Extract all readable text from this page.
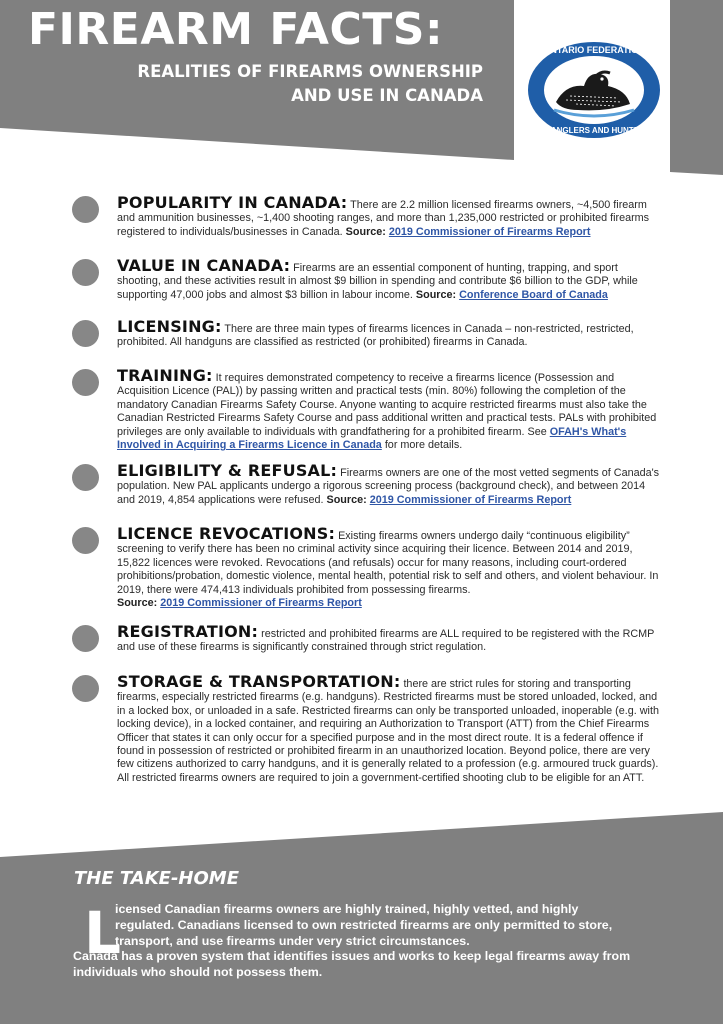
FIREARM FACTS:
REALITIES OF FIREARMS OWNERSHIP
AND USE IN CANADA
ONTARIO FEDERATION
OF ANGLERS AND HUNTERS
POPULARITY IN CANADA: There are 2.2 million licensed firearms owners, ~4,500 firearm and ammunition businesses, ~1,400 shooting ranges, and more than 1,235,000 restricted or prohibited firearms registered to individuals/businesses in Canada. Source: 2019 Commissioner of Firearms Report
VALUE IN CANADA: Firearms are an essential component of hunting, trapping, and sport shooting, and these activities result in almost $9 billion in spending and contribute $6 billion to the GDP, while supporting 47,000 jobs and almost $3 billion in labour income. Source: Conference Board of Canada
LICENSING: There are three main types of firearms licences in Canada – non-restricted, restricted, prohibited. All handguns are classified as restricted (or prohibited) firearms in Canada.
TRAINING: It requires demonstrated competency to receive a firearms licence (Possession and Acquisition Licence (PAL)) by passing written and practical tests (min. 80%) following the completion of the mandatory Canadian Firearms Safety Course. Anyone wanting to acquire restricted firearms must also take the Canadian Restricted Firearms Safety Course and pass additional written and practical tests. PALs with prohibited privileges are only available to individuals with grandfathering for a prohibited firearm. See OFAH's What's Involved in Acquiring a Firearms Licence in Canada for more details.
ELIGIBILITY & REFUSAL: Firearms owners are one of the most vetted segments of Canada's population. New PAL applicants undergo a rigorous screening process (background check), and between 2014 and 2019, 4,854 applications were refused. Source: 2019 Commissioner of Firearms Report
LICENCE REVOCATIONS: Existing firearms owners undergo daily “continuous eligibility” screening to verify there has been no criminal activity since acquiring their licence. Between 2014 and 2019, 15,822 licences were revoked. Revocations (and refusals) occur for many reasons, including court-ordered prohibitions/probation, domestic violence, mental health, potential risk to self and others, and violent behaviour. In 2019, there were 474,413 individuals prohibited from possessing firearms.
Source: 2019 Commissioner of Firearms Report
REGISTRATION: restricted and prohibited firearms are ALL required to be registered with the RCMP and use of these firearms is significantly constrained through strict regulation.
STORAGE & TRANSPORTATION: there are strict rules for storing and transporting firearms, especially restricted firearms (e.g. handguns). Restricted firearms must be stored unloaded, locked, and in a locked box, or unloaded in a safe. Restricted firearms can only be transported unloaded, inoperable (e.g. with locking device), in a locked container, and requiring an Authorization to Transport (ATT) from the Chief Firearms Officer that states it can only occur for a specified purpose and in the most direct route. It is a federal offence if found in possession of restricted or prohibited firearm in an unauthorized location. Beyond police, there are very few citizens authorized to carry handguns, and it is generally related to a profession (e.g. armoured truck guards). All restricted firearms owners are required to join a government-certified shooting club to be eligible for an ATT.
THE TAKE-HOME
L
icensed Canadian firearms owners are highly trained, highly vetted, and highly regulated. Canadians licensed to own restricted firearms are only permitted to store, transport, and use firearms under very strict circumstances.
Canada has a proven system that identifies issues and works to keep legal firearms away from individuals who should not possess them.
